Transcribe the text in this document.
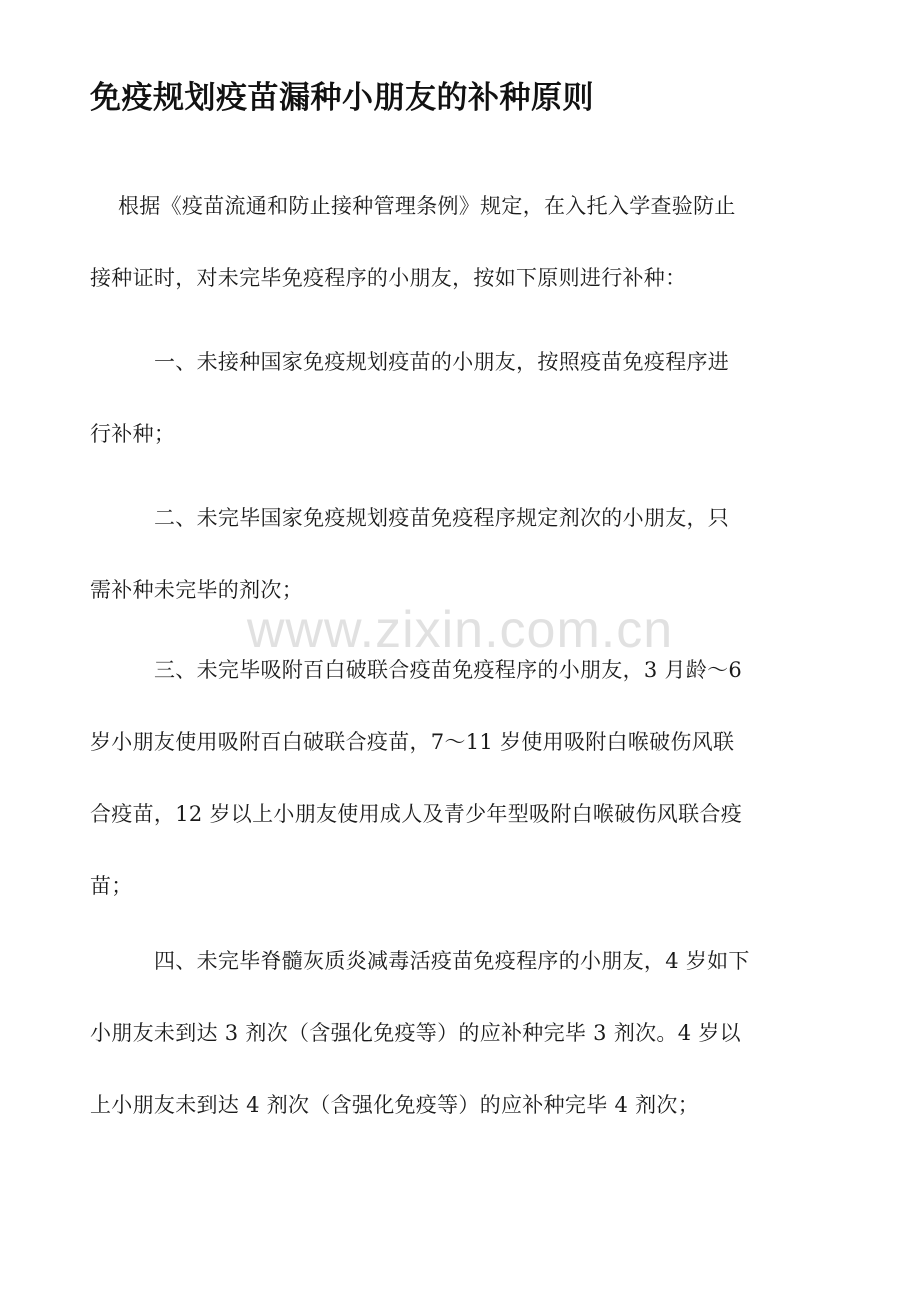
免疫规划疫苗漏种小朋友的补种原则

根据《疫苗流通和防止接种管理条例》规定，在入托入学查验防止
接种证时，对未完毕免疫程序的小朋友，按如下原则进行补种：

一、未接种国家免疫规划疫苗的小朋友，按照疫苗免疫程序进
行补种；

二、未完毕国家免疫规划疫苗免疫程序规定剂次的小朋友，只
需补种未完毕的剂次；

三、未完毕吸附百白破联合疫苗免疫程序的小朋友，3 月龄～6
岁小朋友使用吸附百白破联合疫苗，7～11 岁使用吸附白喉破伤风联
合疫苗，12 岁以上小朋友使用成人及青少年型吸附白喉破伤风联合疫
苗；

四、未完毕脊髓灰质炎减毒活疫苗免疫程序的小朋友，4 岁如下
小朋友未到达 3 剂次（含强化免疫等）的应补种完毕 3 剂次。4 岁以
上小朋友未到达 4 剂次（含强化免疫等）的应补种完毕 4 剂次；

www.zixin.com.cn
